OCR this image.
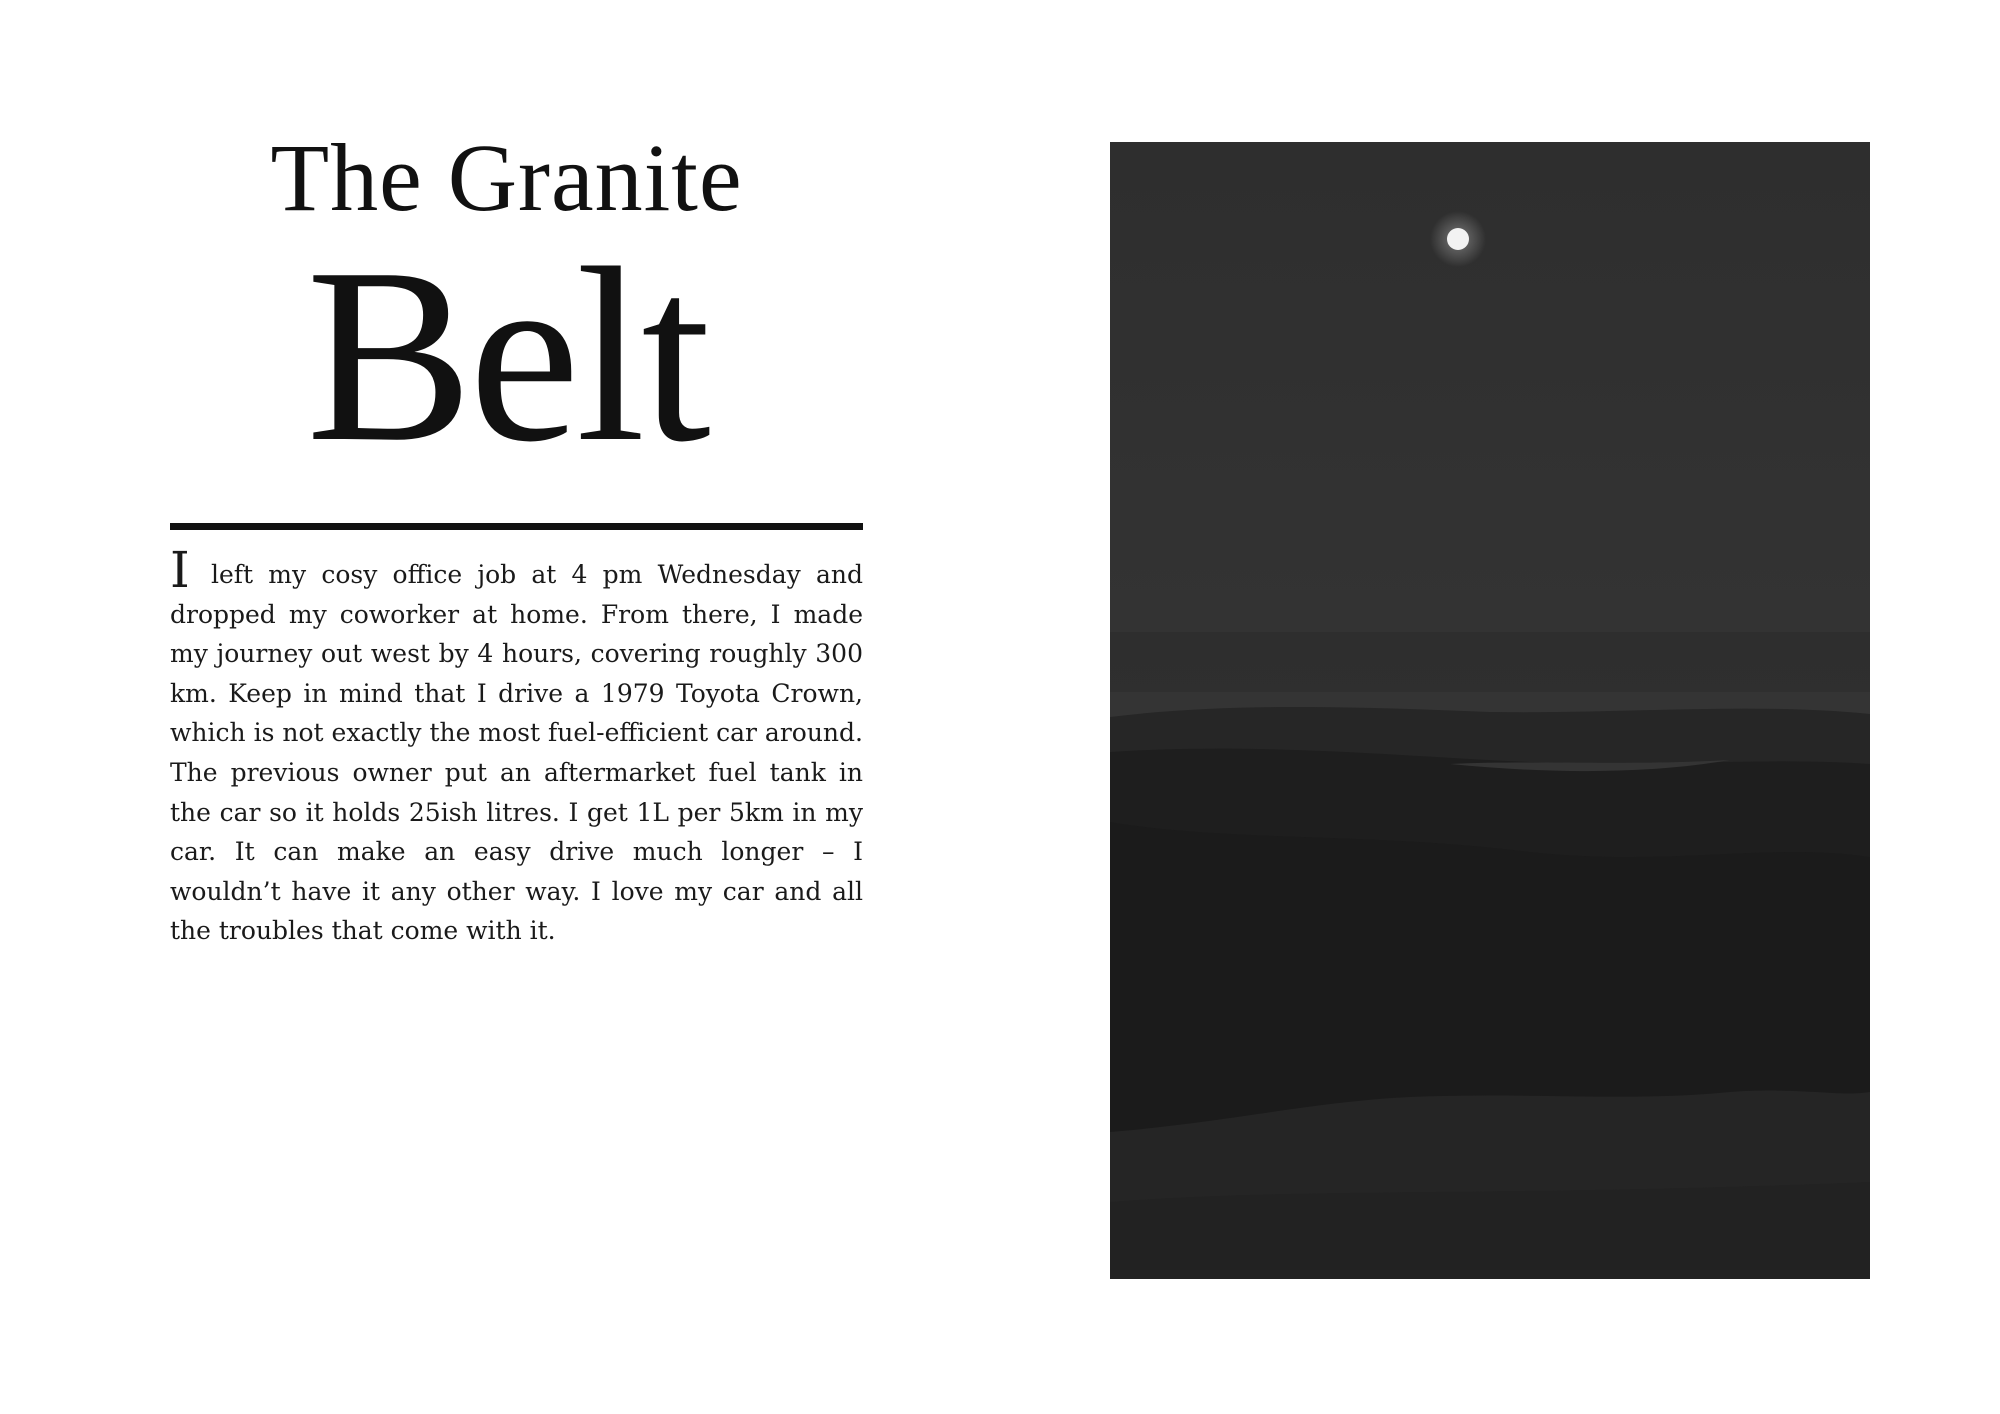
The Granite
Belt

I left my cosy office job at 4 pm Wednesday and dropped my coworker at home. From there, I made my journey out west by 4 hours, covering roughly 300 km. Keep in mind that I drive a 1979 Toyota Crown, which is not exactly the most fuel-efficient car around. The previous owner put an aftermarket fuel tank in the car so it holds 25ish litres. I get 1L per 5km in my car. It can make an easy drive much longer – I wouldn’t have it any other way. I love my car and all the troubles that come with it.
